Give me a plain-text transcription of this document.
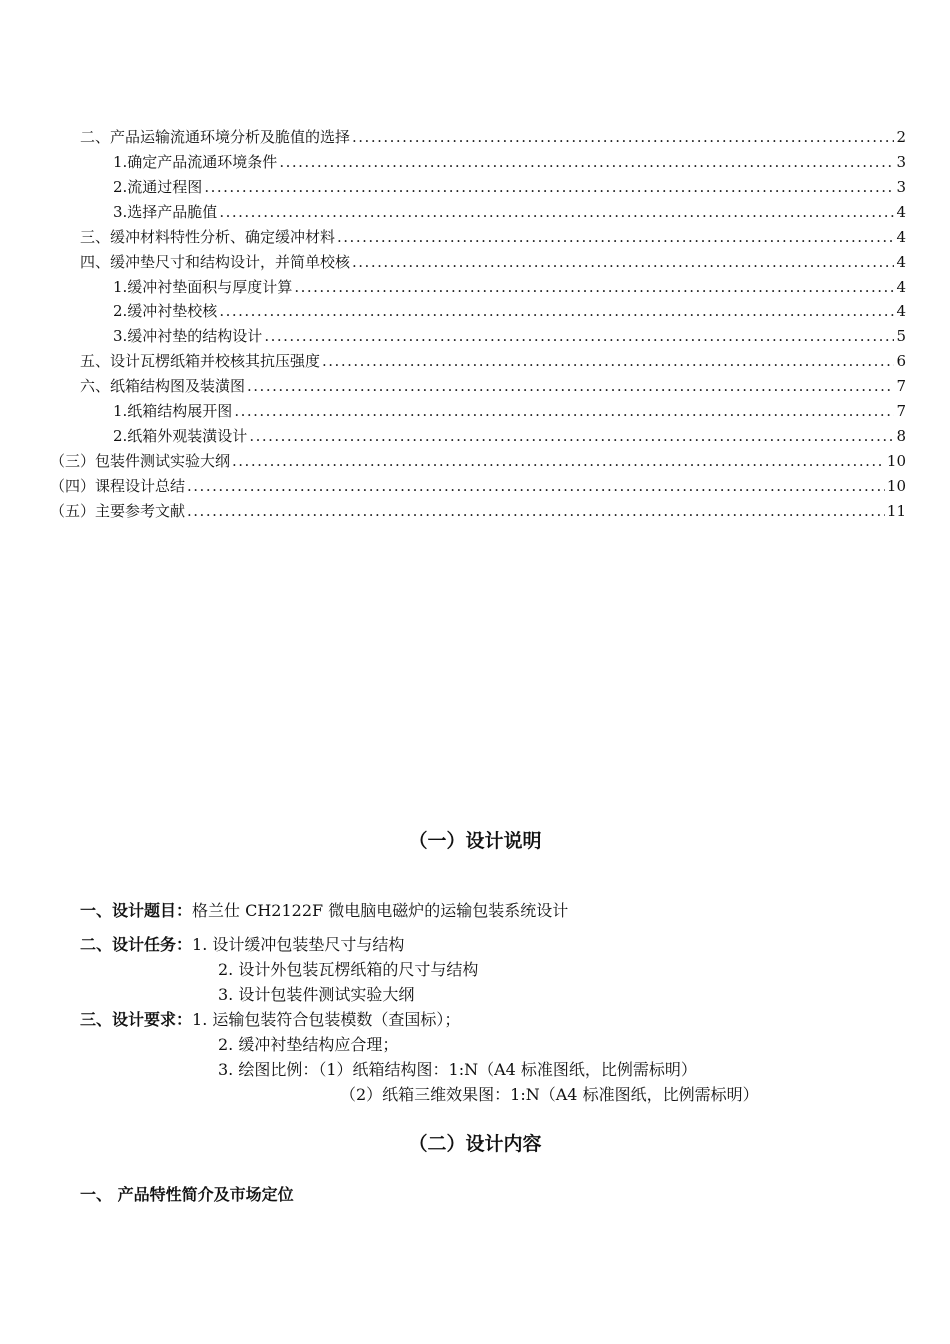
二、产品运输流通环境分析及脆值的选择 .....	2
1.确定产品流通环境条件 .....	3
2.流通过程图 .....	3
3.选择产品脆值 .....	4
三、缓冲材料特性分析、确定缓冲材料 .....	4
四、缓冲垫尺寸和结构设计，并简单校核 .....	4
1.缓冲衬垫面积与厚度计算 .....	4
2.缓冲衬垫校核 .....	4
3.缓冲衬垫的结构设计 .....	5
五、设计瓦楞纸箱并校核其抗压强度 .....	6
六、纸箱结构图及装潢图 .....	7
1.纸箱结构展开图 .....	7
2.纸箱外观装潢设计 .....	8
（三）包装件测试实验大纲 .....	10
（四）课程设计总结 .....	10
（五）主要参考文献 .....	11
（一）设计说明
一、设计题目：格兰仕 CH2122F 微电脑电磁炉的运输包装系统设计
二、设计任务：1. 设计缓冲包装垫尺寸与结构
2. 设计外包装瓦楞纸箱的尺寸与结构
3. 设计包装件测试实验大纲
三、设计要求：1. 运输包装符合包装模数（查国标）；
2. 缓冲衬垫结构应合理；
3. 绘图比例：（1）纸箱结构图：1:N（A4 标准图纸，比例需标明）
（2）纸箱三维效果图：1:N（A4 标准图纸，比例需标明）
（二）设计内容
一、 产品特性简介及市场定位
